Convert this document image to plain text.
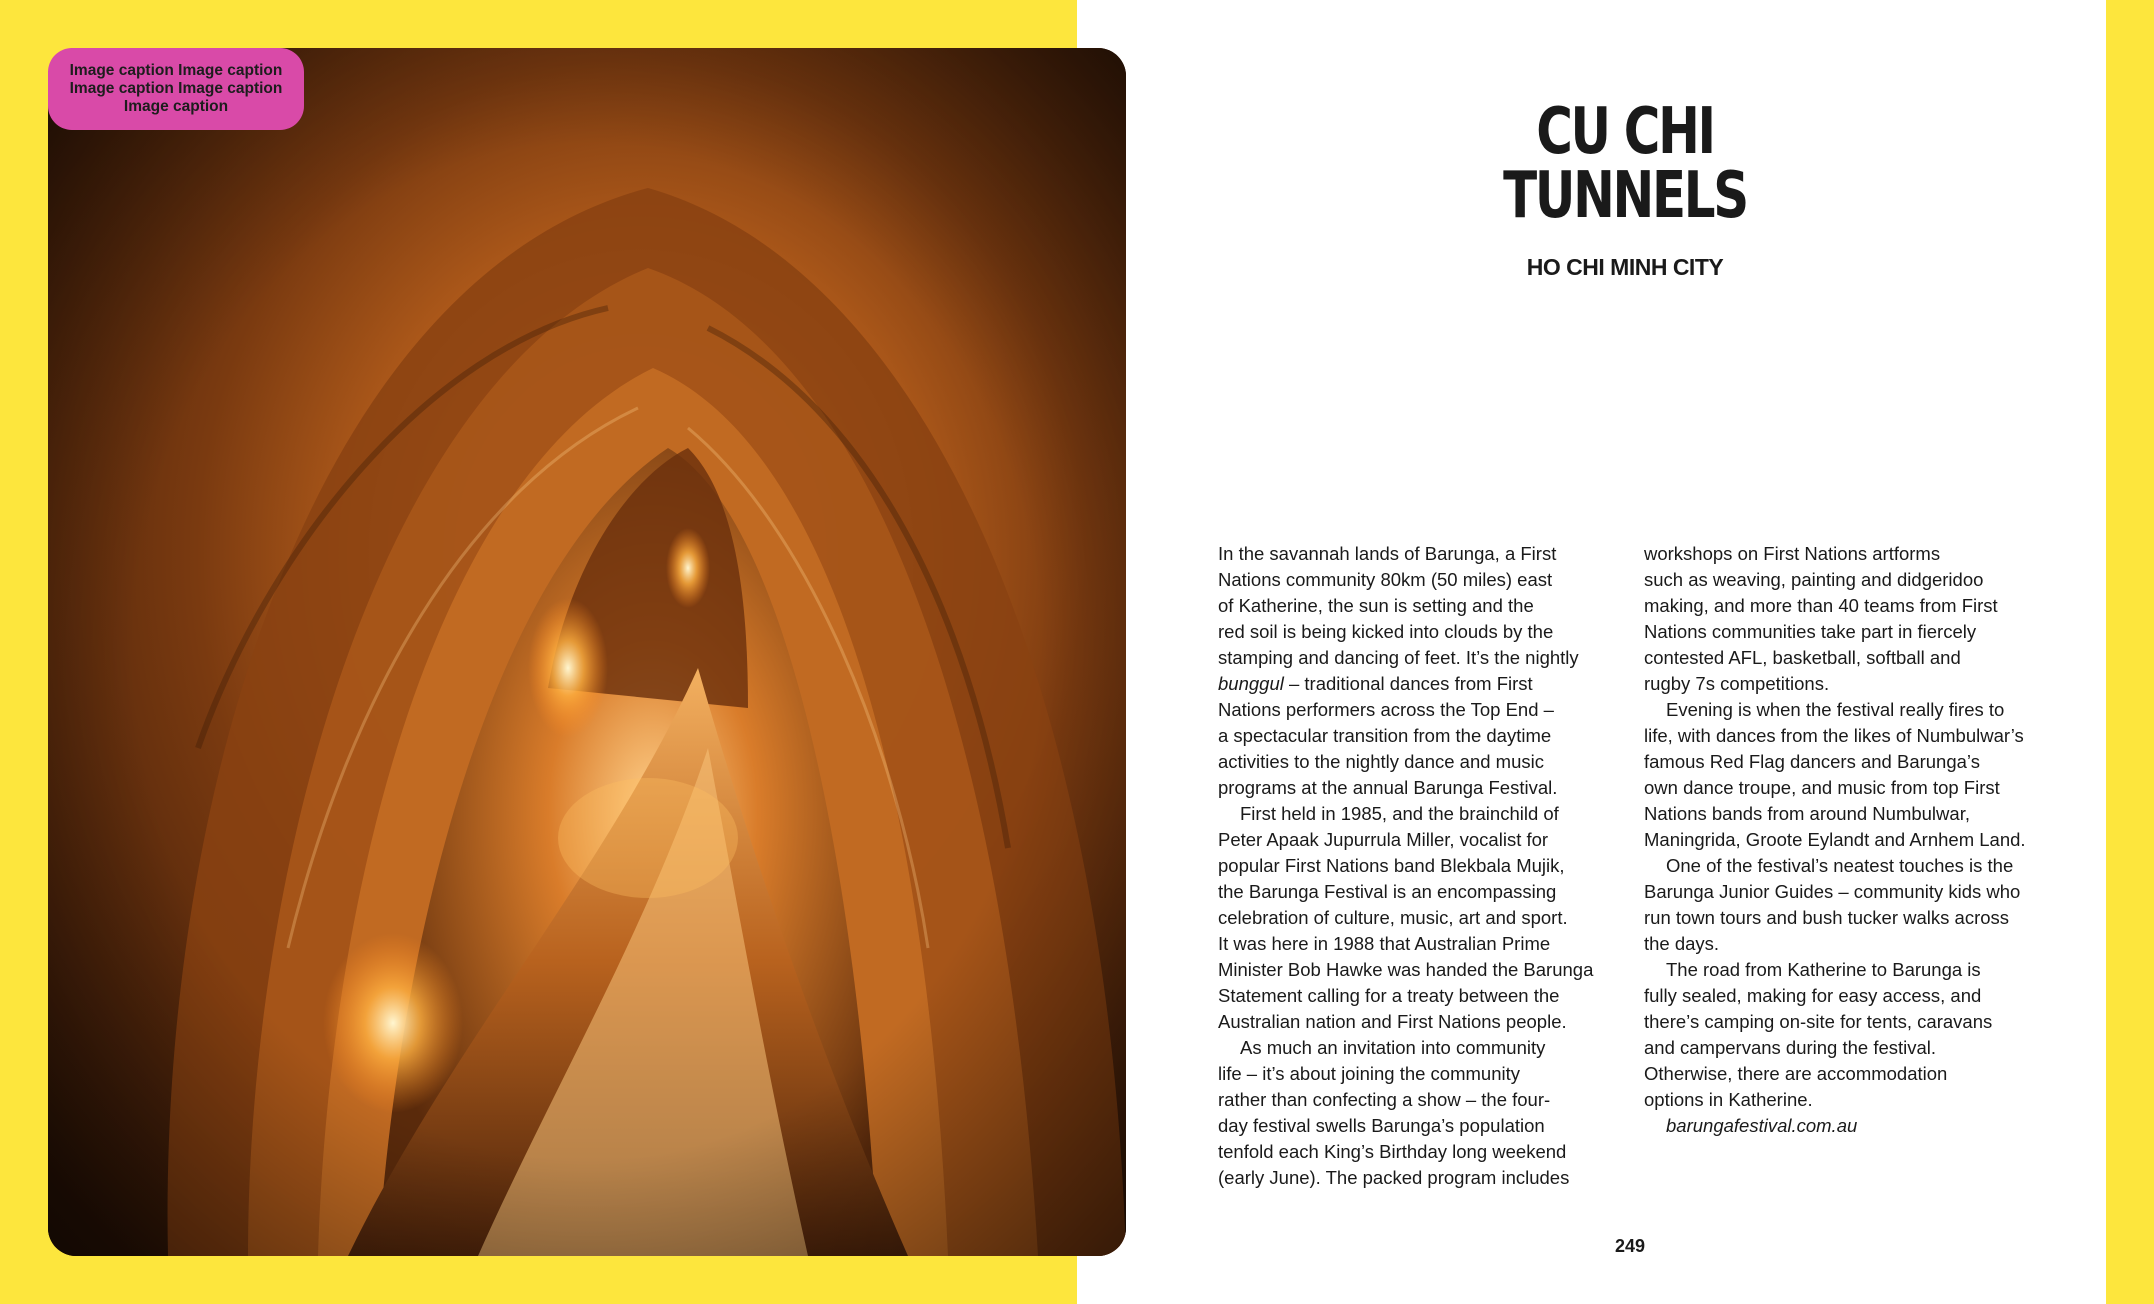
Image caption Image caption Image caption Image caption Image caption	CU CHI
TUNNELS
HO CHI MINH CITY
In the savannah lands of Barunga, a First
Nations community 80km (50 miles) east
of Katherine, the sun is setting and the
red soil is being kicked into clouds by the
stamping and dancing of feet. It’s the nightly
bunggul – traditional dances from First
Nations performers across the Top End –
a spectacular transition from the daytime
activities to the nightly dance and music
programs at the annual Barunga Festival.
First held in 1985, and the brainchild of
Peter Apaak Jupurrula Miller, vocalist for
popular First Nations band Blekbala Mujik,
the Barunga Festival is an encompassing
celebration of culture, music, art and sport.
It was here in 1988 that Australian Prime
Minister Bob Hawke was handed the Barunga
Statement calling for a treaty between the
Australian nation and First Nations people.
As much an invitation into community
life – it’s about joining the community
rather than confecting a show – the four-
day festival swells Barunga’s population
tenfold each King’s Birthday long weekend
(early June). The packed program includes
workshops on First Nations artforms
such as weaving, painting and didgeridoo
making, and more than 40 teams from First
Nations communities take part in fiercely
contested AFL, basketball, softball and
rugby 7s competitions.
Evening is when the festival really fires to
life, with dances from the likes of Numbulwar’s
famous Red Flag dancers and Barunga’s
own dance troupe, and music from top First
Nations bands from around Numbulwar,
Maningrida, Groote Eylandt and Arnhem Land.
One of the festival’s neatest touches is the
Barunga Junior Guides – community kids who
run town tours and bush tucker walks across
the days.
The road from Katherine to Barunga is
fully sealed, making for easy access, and
there’s camping on-site for tents, caravans
and campervans during the festival.
Otherwise, there are accommodation
options in Katherine.
barungafestival.com.au
249
